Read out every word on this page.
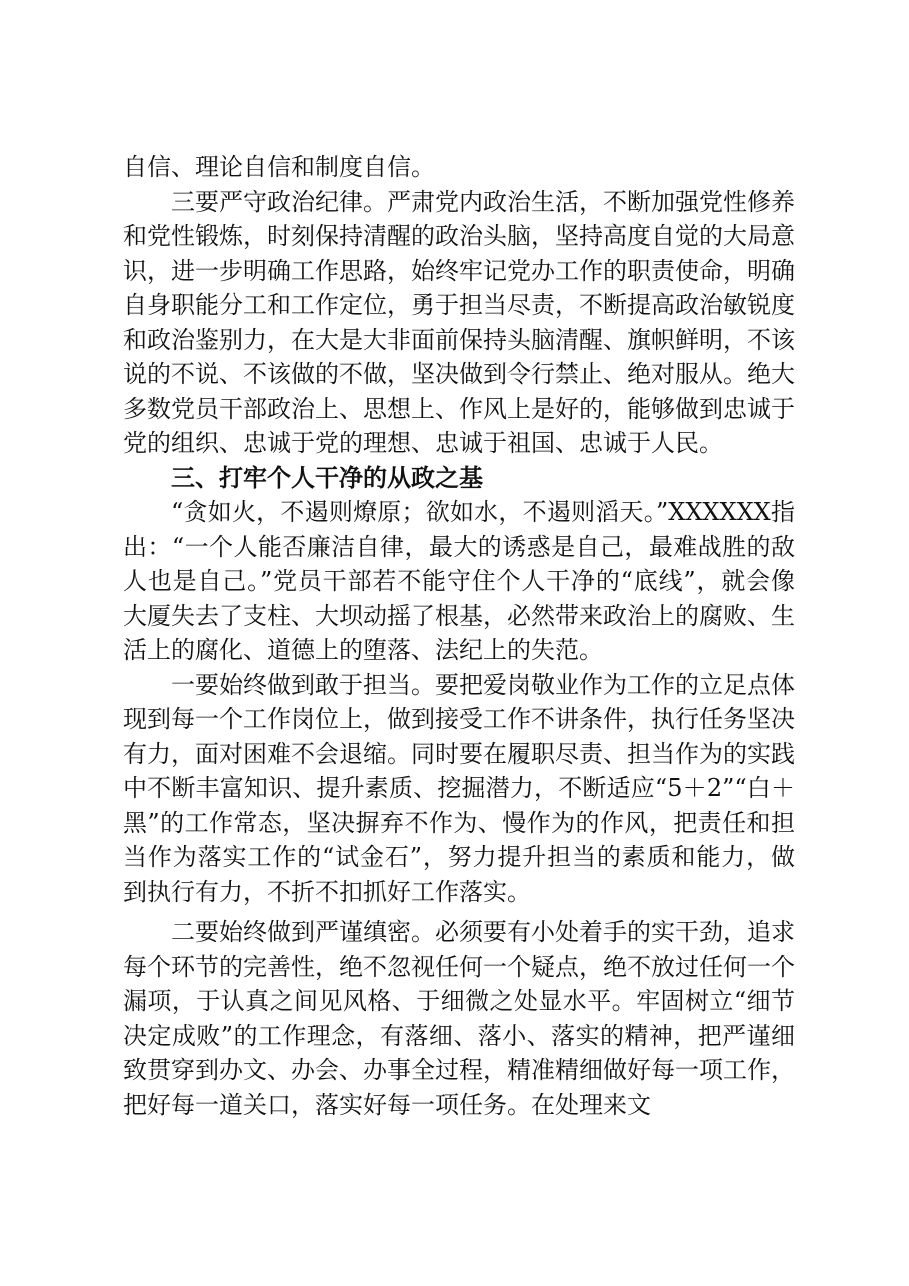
自信、理论自信和制度自信。

三要严守政治纪律。严肃党内政治生活，不断加强党性修养和党性锻炼，时刻保持清醒的政治头脑，坚持高度自觉的大局意识，进一步明确工作思路，始终牢记党办工作的职责使命，明确自身职能分工和工作定位，勇于担当尽责，不断提高政治敏锐度和政治鉴别力，在大是大非面前保持头脑清醒、旗帜鲜明，不该说的不说、不该做的不做，坚决做到令行禁止、绝对服从。绝大多数党员干部政治上、思想上、作风上是好的，能够做到忠诚于党的组织、忠诚于党的理想、忠诚于祖国、忠诚于人民。

三、打牢个人干净的从政之基

“贪如火，不遏则燎原；欲如水，不遏则滔天。”XXXXXX指出：“一个人能否廉洁自律，最大的诱惑是自己，最难战胜的敌人也是自己。”党员干部若不能守住个人干净的“底线”，就会像大厦失去了支柱、大坝动摇了根基，必然带来政治上的腐败、生活上的腐化、道德上的堕落、法纪上的失范。

一要始终做到敢于担当。要把爱岗敬业作为工作的立足点体现到每一个工作岗位上，做到接受工作不讲条件，执行任务坚决有力，面对困难不会退缩。同时要在履职尽责、担当作为的实践中不断丰富知识、提升素质、挖掘潜力，不断适应“5＋2”“白＋黑”的工作常态，坚决摒弃不作为、慢作为的作风，把责任和担当作为落实工作的“试金石”，努力提升担当的素质和能力，做到执行有力，不折不扣抓好工作落实。

二要始终做到严谨缜密。必须要有小处着手的实干劲，追求每个环节的完善性，绝不忽视任何一个疑点，绝不放过任何一个漏项，于认真之间见风格、于细微之处显水平。牢固树立“细节决定成败”的工作理念，有落细、落小、落实的精神，把严谨细致贯穿到办文、办会、办事全过程，精准精细做好每一项工作，把好每一道关口，落实好每一项任务。在处理来文
